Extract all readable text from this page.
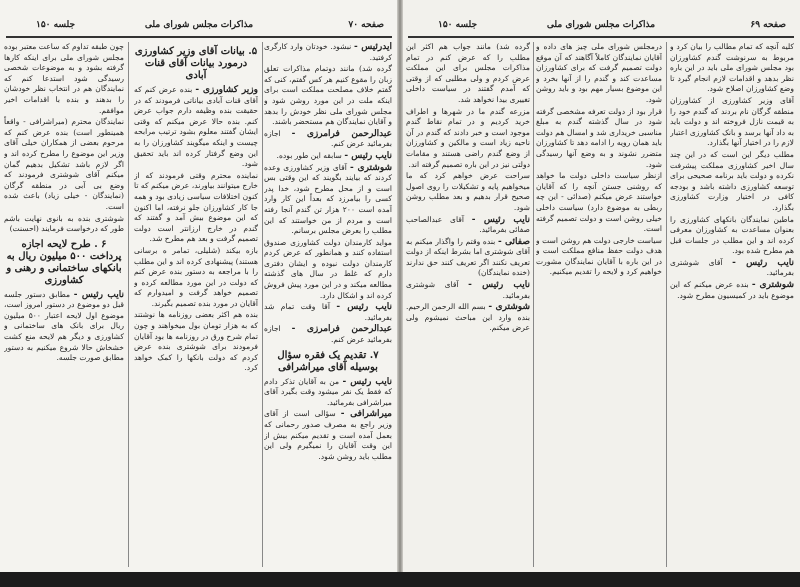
صفحه ۷۰
مذاکرات مجلس شورای ملی
جلسه ۱۵۰

ایدرئیس - نبشود. خودتان وارد کارگری کرفتید.

گرده شد) مانند دوتمام مذاکرات تعلق زبان را مقوع کنیم هر کس گفتم، کنی که گفتم خلاف مصلحت مملکت است برای اینکه ملت در این مورد روشن شود و مجلس شورای ملی نظر خودش را بدهد و آقایان نمایندگان هم مستحضر باشند.

عبدالرحمن فرامرزی - اجازه بفرمائید عرض کنم.

نایب رئیس - سابقه این طور بوده.

شوشتری - آقای وزیر کشاورزی وعده کردند که بیایند بگویند که این وقتی بس است و از محل مطرح شود، خدا پدر کسی را بیامرزد که بعداً این کار وارد آمده است ۲۰۰ هزار تن گندم آنجا رفته است و مردم از من خواستند که این مطلب را بعرض مجلس برسانم.

مواید کارمندان دولت کشاورزی صندوق استفاده کنند و همانطور که عرض کردم کارمندان دولت نبوده و ایشان دفتری دارم که غلط در سال های گذشته مطالعه میکند و در این مورد پیش فروش کرده اند و اشکال دارد.

نایب رئیس - آقا وقت تمام شد بفرمائید.

عبدالرحمن فرامرزی - اجازه بفرمائید عرض کنم.

۷. تقدیم یک فقره سؤال بوسیله آقای میراشرافی

نایب رئیس - من به آقایان تذکر دادم که فقط یک نفر میشود وقت بگیرد آقای میراشرافی بفرمائید.

میراشرافی - سؤالی است از آقای وزیر راجع به مصرف صدور رحمانی که بعمل آمده است و تقدیم میکنم بیش از این وقت آقایان را نمیگیرم ولی این مطلب باید روشن شود.

۵. بیانات آقای وزیر کشاورزی درمورد بیانات آقای قنات آبادی

وزیر کشاورزی - بنده عرض کنم که آقای قنات آبادی بیاناتی فرمودند که در حقیقت بنده وظیفه دارم جواب عرض کنم. بنده حالا عرض میکنم که وقتی ایشان گفتند معلوم بشود ترتیب مرابحه چیست و اینکه میگویند کشاورزان را به این وضع گرفتار کرده اند باید تحقیق شود.

نماینده محترم وقتی فرمودند که از خارج میتوانند بیاورند، عرض میکنم که تا کنون اختلافات سیاسی زیادی بود و همه جا کار کشاورزان جلو نرفته، اما اکنون که این موضوع بیش آمد و گفتند که گندم در خارج ارزانتر است دولت تصمیم گرفت و بعد هم مطرح شد.

بازه بیکند (شلیلی، تمامر ه برسانی هستند) پیشنهادی کرده اند و این مطلب را با مراجعه به دستور بنده عرض کنم که دولت در این مورد مطالعه کرده و تصمیم خواهد گرفت و امیدوارم که آقایان در مورد بنده تصمیم بگیرند.

بنده هم اکثر بعضی روزنامه ها نوشتند که به هزار تومان بول میخواهند و چون تمام شرح ورق در روزنامه ها بود آقایان فرمودند برای شوشتری بنده عرض کردم که دولت بانکها را کمک خواهد کرد.

چون طبقه تداوم که ساعت معتبر بوده مجلس شورای ملی برای اینکه کارها گرفته بشود و به موضوعات شخصی رسیدگی شود استدعا کنم که نمایندگان هم در انتخاب نظر خودشان را بدهند و بنده با اقدامات اخیر موافقم.

نمایندگان محترم (میراشرافی - واقعاً همینطور است) بنده عرض کنم که مرحوم بعضی از همکاران خیلی آقای وزیر این موضوع را مطرح کرده اند و اگر لازم باشد تشکیل بدهیم گمان میکنم آقای شوشتری فرمودند که وضع بی آبی در منطقه گرگان (نمایندگان - خیلی زیاد) باعث شده است.

شوشتری بنده به بانوی نهایت باشم طور که درخواست فرمایند (احسنت)

۶ . طرح لایحه اجازه پرداخت ۵۰۰ میلیون ریال به بانکهای ساختمانی و رهنی و کشاورزی

نایب رئیس - مطابق دستور جلسه قبل دو موضوع در دستور امروز است، موضوع اول لایحه اعتبار ۵۰۰ میلیون ریال برای بانک های ساختمانی و کشاورزی و دیگر هم لایحه منع کشت خشخاش حالا شروع میکنیم به دستور مطابق صورت جلسه.

صفحه ۶۹
مذاکرات مجلس شورای ملی
جلسه ۱۵۰

کلیه آنچه که تمام مطالب را بیان کرد و مربوط به سرنوشت گندم کشاورزان بود مجلس شورای ملی باید در این باره نظر بدهد و اقدامات لازم انجام گیرد تا وضع کشاورزان اصلاح شود.

آقای وزیر کشاورزی از کشاورزان منطقه گرگان نام بردند که گندم خود را به قیمت نازل فروخته اند و دولت باید به داد آنها برسد و بانک کشاورزی اعتبار لازم را در اختیار آنها بگذارد.

مطلب دیگر این است که در این چند سال اخیر کشاورزی مملکت پیشرفت نکرده و دولت باید برنامه صحیحی برای توسعه کشاورزی داشته باشد و بودجه کافی در اختیار وزارت کشاورزی بگذارد.

ماطین نمایندگان بانکهای کشاورزی را بعنوان مساعدت به کشاورزان معرفی کرده اند و این مطلب در جلسات قبل هم مطرح شده بود.

نایب رئیس - آقای شوشتری بفرمائید.

شوشتری - بنده عرض میکنم که این موضوع باید در کمیسیون مطرح شود.

درمجلس شورای ملی چیز های داده و آقایان نمایندگان کاملاً آگاهند که آن موقع دولت تصمیم گرفت که برای کشاورزان مساعدت کند و گندم را از آنها بخرد و این موضوع بسیار مهم بود و باید روشن شود.

قرار بود از دولت تعرفه مشخصی گرفته شود در سال گذشته گندم به مبلغ مناسبی خریداری شد و امسال هم دولت باید همان رویه را ادامه دهد تا کشاورزان متضرر نشوند و به وضع آنها رسیدگی شود.

ازنظر سیاست داخلی دولت ما خواهد که روشنی جستن آنچه را که آقایان خواستند عرض میکنم (صدائی - این چه ربطی به موضوع دارد) سیاست داخلی خیلی روشن است و دولت تصمیم گرفته است.

سیاست خارجی دولت هم روشن است و هدف دولت حفظ منافع مملکت است و در این باره با آقایان نمایندگان مشورت خواهیم کرد و لایحه را تقدیم میکنیم.

گرده شد) مانند جواب هم اکثر این مطلب را که عرض کنم در تمام مذاکرات مجلس برای این مملکت عرض کردم و ولی مطلبی که از وقتی که آمدم گفتند در سیاست داخلی تغییری بیدا نخواهد شد.

مزرعه گندم ما در شهرها و اطراف خرید کردیم و در تمام نقاط گندم موجود است و خبر دادند که گندم در آن ناحیه زیاد است و مالکین و کشاورزان از وضع گندم راضی هستند و مقامات دولتی نیز در این باره تصمیم گرفته اند.

سراحت عرض خواهم کرد که ما میخواهیم پایه و تشکیلات را روی اصول صحیح قرار بدهیم و بعد مطلب روشن شود.

نایب رئیس - آقای عبدالصاحب صفائی بفرمائید.

صفائی - بنده وقتم را واگذار میکنم به آقای شوشتری اما بشرط اینکه از دولت تعریف نکنند اگر تعریف کنند حق ندارند (خنده نمایندگان)

نایب رئیس - آقای شوشتری بفرمائید.

شوشتری - بسم الله الرحمن الرحیم. بنده وارد این مباحث نمیشوم ولی عرض میکنم.
